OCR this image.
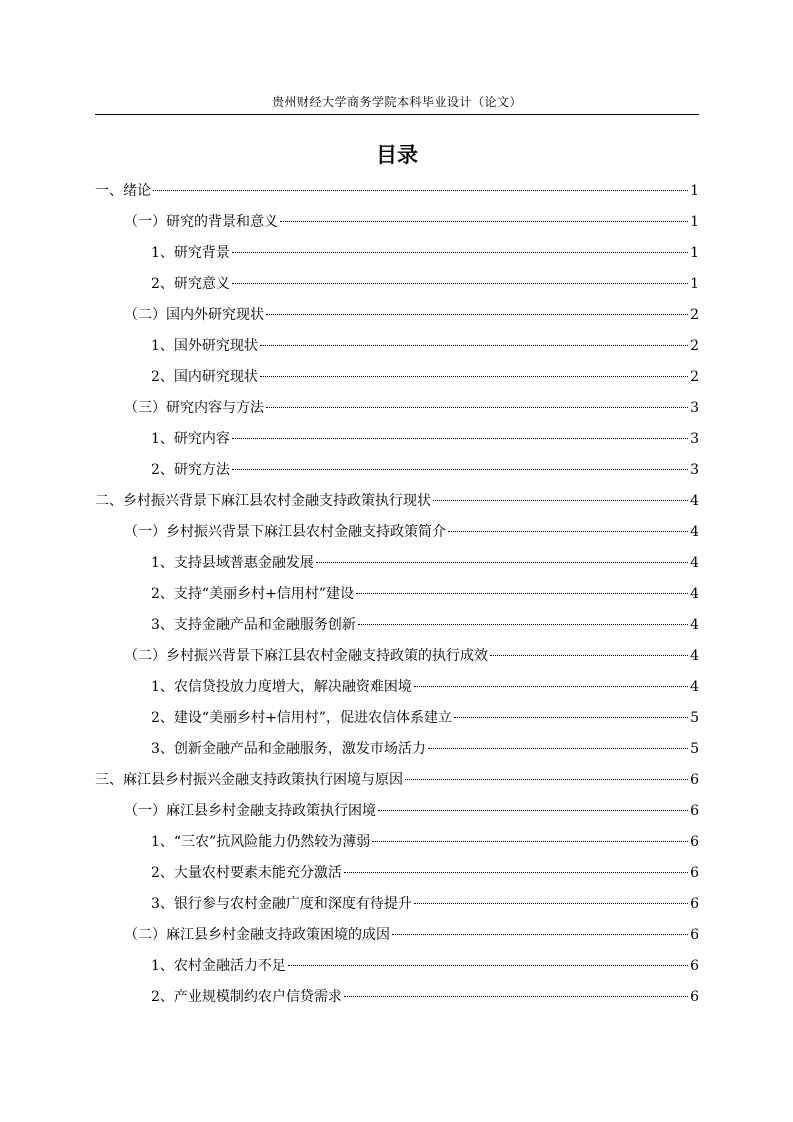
贵州财经大学商务学院本科毕业设计（论文）
目录
一、绪论	1
（一）研究的背景和意义	1
1、研究背景	1
2、研究意义	1
（二）国内外研究现状	2
1、国外研究现状	2
2、国内研究现状	2
（三）研究内容与方法	3
1、研究内容	3
2、研究方法	3
二、乡村振兴背景下麻江县农村金融支持政策执行现状	4
（一）乡村振兴背景下麻江县农村金融支持政策简介	4
1、支持县域普惠金融发展	4
2、支持“美丽乡村+信用村”建设	4
3、支持金融产品和金融服务创新	4
（二）乡村振兴背景下麻江县农村金融支持政策的执行成效	4
1、农信贷投放力度增大，解决融资难困境	4
2、建设“美丽乡村+信用村”，促进农信体系建立	5
3、创新金融产品和金融服务，激发市场活力	5
三、麻江县乡村振兴金融支持政策执行困境与原因	6
（一）麻江县乡村金融支持政策执行困境	6
1、“三农”抗风险能力仍然较为薄弱	6
2、大量农村要素未能充分激活	6
3、银行参与农村金融广度和深度有待提升	6
（二）麻江县乡村金融支持政策困境的成因	6
1、农村金融活力不足	6
2、产业规模制约农户信贷需求	6
